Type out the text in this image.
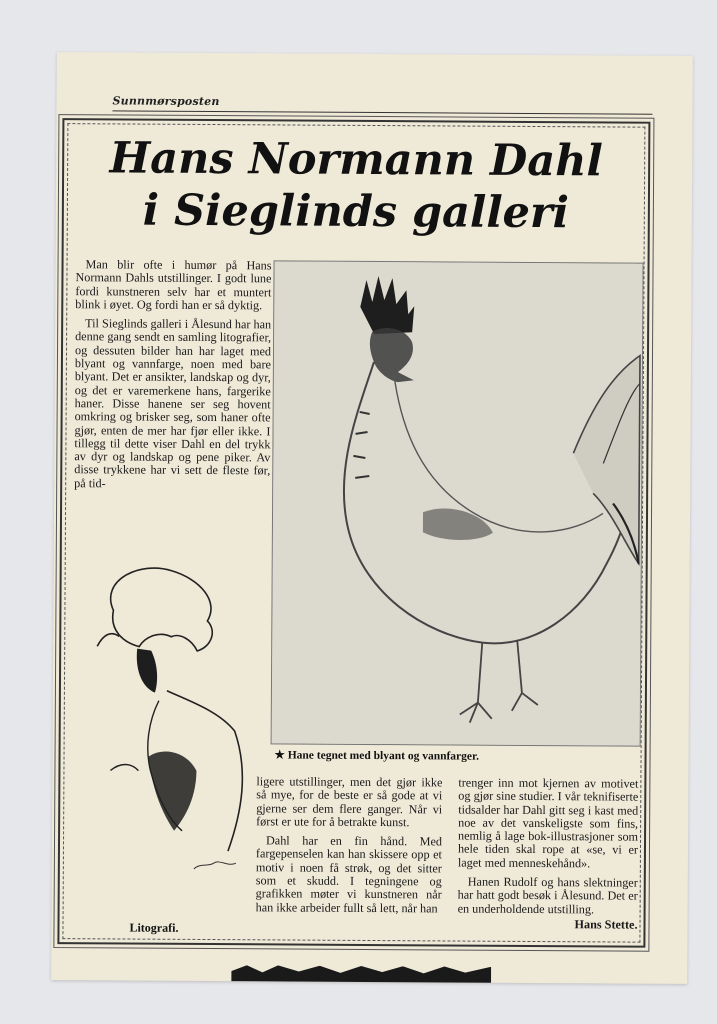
Sunnmørsposten
Hans Normann Dahl
i Sieglinds galleri

Man blir ofte i humør på Hans Normann Dahls utstillinger. I godt lune fordi kunstneren selv har et muntert blink i øyet. Og fordi han er så dyktig.

Til Sieglinds galleri i Ålesund har han denne gang sendt en samling litografier, og dessuten bilder han har laget med blyant og vannfarge, noen med bare blyant. Det er ansikter, landskap og dyr, og det er varemerkene hans, fargerike haner. Disse hanene ser seg hovent omkring og brisker seg, som haner ofte gjør, enten de mer har fjør eller ikke. I tillegg til dette viser Dahl en del trykk av dyr og landskap og pene piker. Av disse trykkene har vi sett de fleste før, på tid-

★ Hane tegnet med blyant og vannfarger.
Litografi.

ligere utstillinger, men det gjør ikke så mye, for de beste er så gode at vi gjerne ser dem flere ganger. Når vi først er ute for å betrakte kunst.

Dahl har en fin hånd. Med fargepenselen kan han skissere opp et motiv i noen få strøk, og det sitter som et skudd. I tegningene og grafikken møter vi kunstneren når han ikke arbeider fullt så lett, når han

trenger inn mot kjernen av motivet og gjør sine studier. I vår teknifiserte tidsalder har Dahl gitt seg i kast med noe av det vanskeligste som fins, nemlig å lage bok-illustrasjoner som hele tiden skal rope at «se, vi er laget med menneskehånd».

Hanen Rudolf og hans slektninger har hatt godt besøk i Ålesund. Det er en underholdende utstilling.

Hans Stette.
